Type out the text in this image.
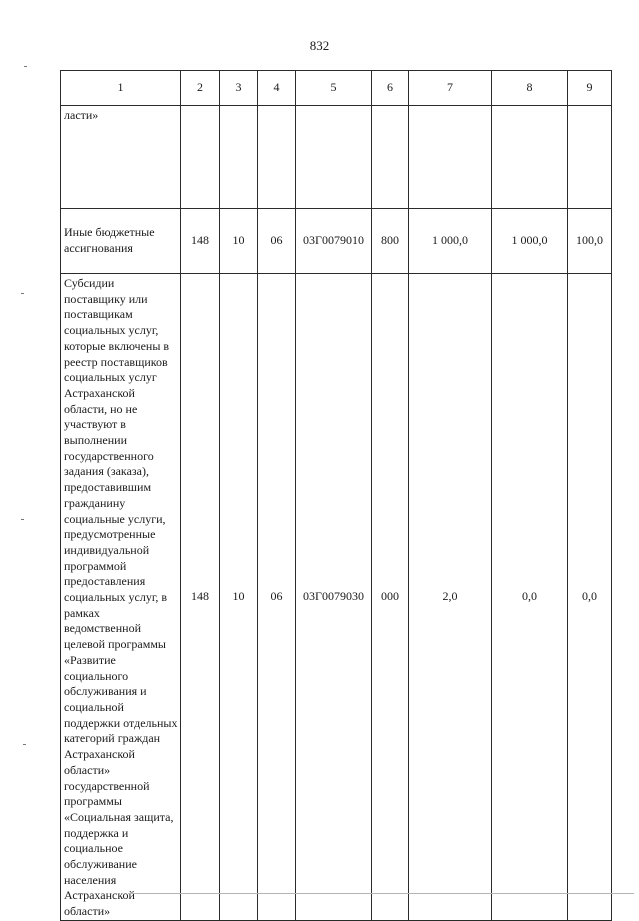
832
1	2	3	4	5	6	7	8	9
ласти»								
Иные бюджетные ассигнования	148	10	06	03Г0079010	800	1 000,0	1 000,0	100,0
Субсидии поставщику или поставщикам социальных услуг, которые включены в реестр поставщиков социальных услуг Астраханской области, но не участвуют в выполнении государственного задания (заказа), предоставившим гражданину социальные услуги, предусмотренные индивидуальной программой предоставления социальных услуг, в рамках ведомственной целевой программы «Развитие социального обслуживания и социальной поддержки отдельных категорий граждан Астраханской области» государственной программы «Социальная защита, поддержка и социальное обслуживание населения Астраханской области»	148	10	06	03Г0079030	000	2,0	0,0	0,0
